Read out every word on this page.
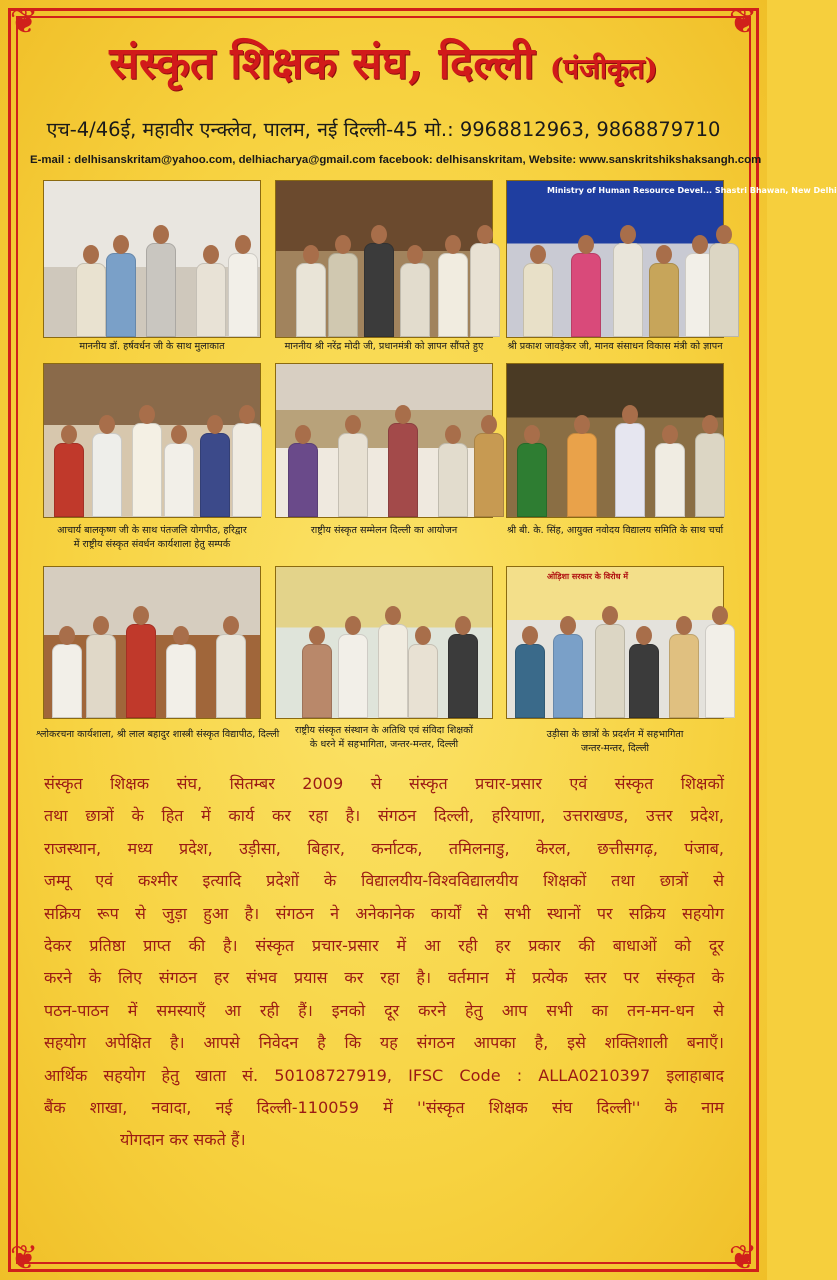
❦	❦
❦	❦
संस्कृत शिक्षक संघ, दिल्ली (पंजीकृत)
एच-4/46ई, महावीर एन्क्लेव, पालम, नई दिल्ली-45 मो.: 9968812963, 9868879710
E-mail : delhisanskritam@yahoo.com, delhiacharya@gmail.com facebook: delhisanskritam, Website: www.sanskritshikshaksangh.com
माननीय डॉ. हर्षवर्धन जी के साथ मुलाकात	माननीय श्री नरेंद्र मोदी जी, प्रधानमंत्री को ज्ञापन सौंपते हुए
Ministry of Human Resource Devel... Shastri Bhawan, New Delhi
श्री प्रकाश जावड़ेकर जी, मानव संसाधन विकास मंत्री को ज्ञापन
आचार्य बालकृष्ण जी के साथ पंतजलि योगपीठ, हरिद्वार
में राष्ट्रीय संस्कृत संवर्धन कार्यशाला हेतु सम्पर्क
राष्ट्रीय संस्कृत सम्मेलन दिल्ली का आयोजन	श्री बी. के. सिंह, आयुक्त नवोदय विद्यालय समिति के साथ चर्चा
श्लोकरचना कार्यशाला, श्री लाल बहादुर शास्त्री संस्कृत विद्यापीठ, दिल्ली	राष्ट्रीय संस्कृत संस्थान के अतिथि एवं संविदा शिक्षकों
के धरने में सहभागिता, जन्तर-मन्तर, दिल्ली
ओड़िशा सरकार के विरोध में
उड़ीसा के छात्रों के प्रदर्शन में सहभागिता
जन्तर-मन्तर, दिल्ली
संस्कृत शिक्षक संघ, सितम्बर 2009 से संस्कृत प्रचार-प्रसार एवं संस्कृत शिक्षकों
तथा छात्रों के हित में कार्य कर रहा है। संगठन दिल्ली, हरियाणा, उत्तराखण्ड, उत्तर प्रदेश,
राजस्थान, मध्य प्रदेश, उड़ीसा, बिहार, कर्नाटक, तमिलनाडु, केरल, छत्तीसगढ़, पंजाब,
जम्मू एवं कश्मीर इत्यादि प्रदेशों के विद्यालयीय-विश्वविद्यालयीय शिक्षकों तथा छात्रों से
सक्रिय रूप से जुड़ा हुआ है। संगठन ने अनेकानेक कार्यों से सभी स्थानों पर सक्रिय सहयोग
देकर प्रतिष्ठा प्राप्त की है। संस्कृत प्रचार-प्रसार में आ रही हर प्रकार की बाधाओं को दूर
करने के लिए संगठन हर संभव प्रयास कर रहा है। वर्तमान में प्रत्येक स्तर पर संस्कृत के
पठन-पाठन में समस्याएँ आ रही हैं। इनको दूर करने हेतु आप सभी का तन-मन-धन से
सहयोग अपेक्षित है। आपसे निवेदन है कि यह संगठन आपका है, इसे शक्तिशाली बनाएँ।
आर्थिक सहयोग हेतु खाता सं. 50108727919, IFSC Code : ALLA0210397 इलाहाबाद
बैंक शाखा, नवादा, नई दिल्ली-110059 में ''संस्कृत शिक्षक संघ दिल्ली'' के नाम
योगदान कर सकते हैं।
